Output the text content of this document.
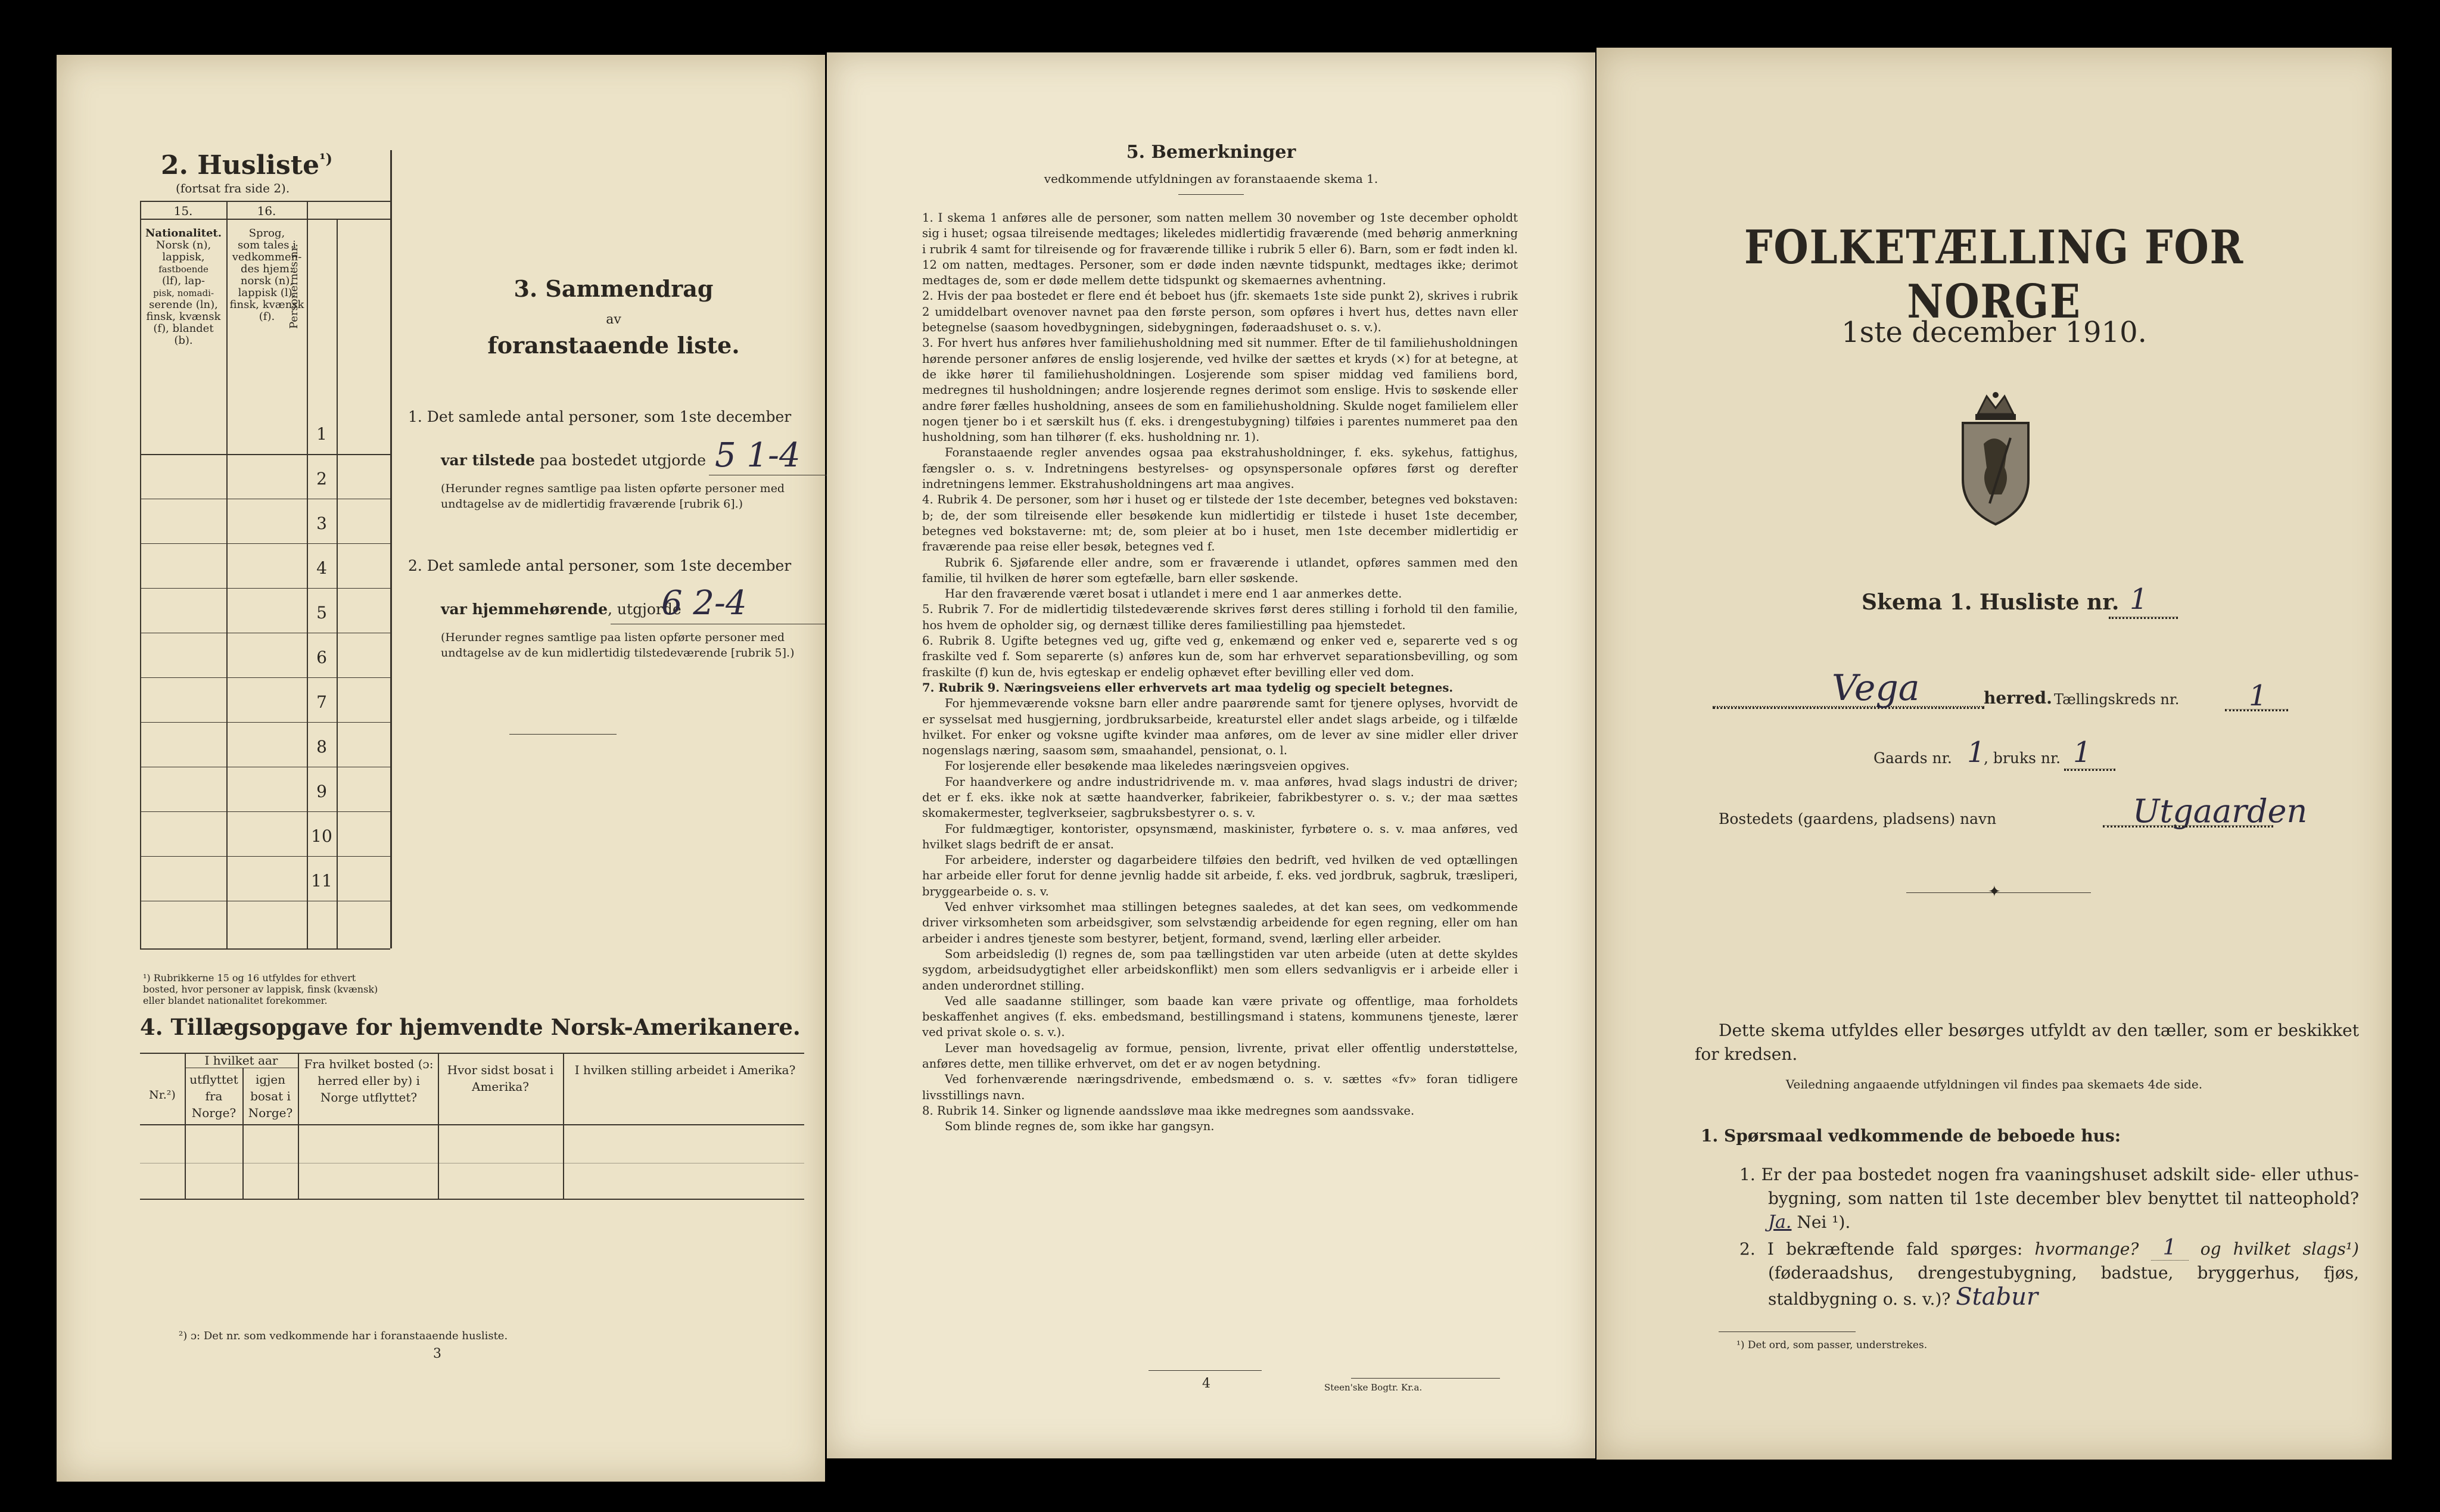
2. Husliste$^{^1)}$
(fortsat fra side 2).
15.	16.
Nationalitet.
Norsk (n),
lappisk,
fastboende
(lf), lap-
pisk, nomadi-
serende (ln),
finsk, kvænsk
(f), blandet
(b).
Sprog,
som tales i
vedkommen-
des hjem:
norsk (n),
lappisk (l),
finsk, kvænsk
(f).	Personernes nr.
1
2
3
4
5
6
7
8
9
10
11
¹) Rubrikkerne 15 og 16 utfyldes for ethvert bosted, hvor personer av lappisk, finsk (kvænsk) eller blandet nationalitet forekommer.
3. Sammendrag
av
foranstaaende liste.
1. Det samlede antal personer, som 1ste december
var tilstede paa bostedet utgjorde 5 1-4
(Herunder regnes samtlige paa listen opførte personer med undtagelse av de midlertidig fraværende [rubrik 6].)
2. Det samlede antal personer, som 1ste december
var hjemmehørende, utgjorde
6 2-4
(Herunder regnes samtlige paa listen opførte personer med undtagelse av de kun midlertidig tilstedeværende [rubrik 5].)
4. Tillægsopgave for hjemvendte Norsk-Amerikanere.
Nr.²)
I hvilket aar
utflyttet fra Norge?
igjen bosat i Norge?
Fra hvilket bosted (ɔ: herred eller by) i Norge utflyttet?
Hvor sidst bosat i Amerika?
I hvilken stilling arbeidet i Amerika?
²) ɔ: Det nr. som vedkommende har i foranstaaende husliste.
3
5. Bemerkninger
vedkommende utfyldningen av foranstaaende skema 1.

1. I skema 1 anføres alle de personer, som natten mellem 30 november og 1ste december opholdt sig i huset; ogsaa tilreisende medtages; likeledes midlertidig fraværende (med behørig anmerkning i rubrik 4 samt for tilreisende og for fraværende tillike i rubrik 5 eller 6). Barn, som er født inden kl. 12 om natten, medtages. Personer, som er døde inden nævnte tidspunkt, medtages ikke; derimot medtages de, som er døde mellem dette tidspunkt og skemaernes avhentning.

2. Hvis der paa bostedet er flere end ét beboet hus (jfr. skemaets 1ste side punkt 2), skrives i rubrik 2 umiddelbart ovenover navnet paa den første person, som opføres i hvert hus, dettes navn eller betegnelse (saasom hovedbygningen, sidebygningen, føderaadshuset o. s. v.).

3. For hvert hus anføres hver familiehusholdning med sit nummer. Efter de til familiehusholdningen hørende personer anføres de enslig losjerende, ved hvilke der sættes et kryds (×) for at betegne, at de ikke hører til familiehusholdningen. Losjerende som spiser middag ved familiens bord, medregnes til husholdningen; andre losjerende regnes derimot som enslige. Hvis to søskende eller andre fører fælles husholdning, ansees de som en familiehusholdning. Skulde noget familielem eller nogen tjener bo i et særskilt hus (f. eks. i drengestubygning) tilføies i parentes nummeret paa den husholdning, som han tilhører (f. eks. husholdning nr. 1).

Foranstaaende regler anvendes ogsaa paa ekstrahusholdninger, f. eks. sykehus, fattighus, fængsler o. s. v. Indretningens bestyrelses- og opsynspersonale opføres først og derefter indretningens lemmer. Ekstrahusholdningens art maa angives.

4. Rubrik 4. De personer, som hør i huset og er tilstede der 1ste december, betegnes ved bokstaven: b; de, der som tilreisende eller besøkende kun midlertidig er tilstede i huset 1ste december, betegnes ved bokstaverne: mt; de, som pleier at bo i huset, men 1ste december midlertidig er fraværende paa reise eller besøk, betegnes ved f.

Rubrik 6. Sjøfarende eller andre, som er fraværende i utlandet, opføres sammen med den familie, til hvilken de hører som egtefælle, barn eller søskende.

Har den fraværende været bosat i utlandet i mere end 1 aar anmerkes dette.

5. Rubrik 7. For de midlertidig tilstedeværende skrives først deres stilling i forhold til den familie, hos hvem de opholder sig, og dernæst tillike deres familiestilling paa hjemstedet.

6. Rubrik 8. Ugifte betegnes ved ug, gifte ved g, enkemænd og enker ved e, separerte ved s og fraskilte ved f. Som separerte (s) anføres kun de, som har erhvervet separationsbevilling, og som fraskilte (f) kun de, hvis egteskap er endelig ophævet efter bevilling eller ved dom.

7. Rubrik 9. Næringsveiens eller erhvervets art maa tydelig og specielt betegnes.

For hjemmeværende voksne barn eller andre paarørende samt for tjenere oplyses, hvorvidt de er sysselsat med husgjerning, jordbruksarbeide, kreaturstel eller andet slags arbeide, og i tilfælde hvilket. For enker og voksne ugifte kvinder maa anføres, om de lever av sine midler eller driver nogenslags næring, saasom søm, smaahandel, pensionat, o. l.

For losjerende eller besøkende maa likeledes næringsveien opgives.

For haandverkere og andre industridrivende m. v. maa anføres, hvad slags industri de driver; det er f. eks. ikke nok at sætte haandverker, fabrikeier, fabrikbestyrer o. s. v.; der maa sættes skomakermester, teglverkseier, sagbruksbestyrer o. s. v.

For fuldmægtiger, kontorister, opsynsmænd, maskinister, fyrbøtere o. s. v. maa anføres, ved hvilket slags bedrift de er ansat.

For arbeidere, inderster og dagarbeidere tilføies den bedrift, ved hvilken de ved optællingen har arbeide eller forut for denne jevnlig hadde sit arbeide, f. eks. ved jordbruk, sagbruk, træsliperi, bryggearbeide o. s. v.

Ved enhver virksomhet maa stillingen betegnes saaledes, at det kan sees, om vedkommende driver virksomheten som arbeidsgiver, som selvstændig arbeidende for egen regning, eller om han arbeider i andres tjeneste som bestyrer, betjent, formand, svend, lærling eller arbeider.

Som arbeidsledig (l) regnes de, som paa tællingstiden var uten arbeide (uten at dette skyldes sygdom, arbeidsudygtighet eller arbeidskonflikt) men som ellers sedvanligvis er i arbeide eller i anden underordnet stilling.

Ved alle saadanne stillinger, som baade kan være private og offentlige, maa forholdets beskaffenhet angives (f. eks. embedsmand, bestillingsmand i statens, kommunens tjeneste, lærer ved privat skole o. s. v.).

Lever man hovedsagelig av formue, pension, livrente, privat eller offentlig understøttelse, anføres dette, men tillike erhvervet, om det er av nogen betydning.

Ved forhenværende næringsdrivende, embedsmænd o. s. v. sættes «fv» foran tidligere livsstillings navn.

8. Rubrik 14. Sinker og lignende aandssløve maa ikke medregnes som aandssvake.

Som blinde regnes de, som ikke har gangsyn.

4	Steen'ske Bogtr. Kr.a.
FOLKETÆLLING FOR NORGE
1ste december 1910.
Skema 1. Husliste nr. 1
Vega	herred. Tællingskreds nr. 1
Gaards nr. 1
, bruks nr. 1
Bostedets (gaardens, pladsens) navn	Utgaarden
✦
Dette skema utfyldes eller besørges utfyldt av den tæller, som er beskikket for kredsen.
Veiledning angaaende utfyldningen vil findes paa skemaets 4de side.
1. Spørsmaal vedkommende de beboede hus:
1. Er der paa bostedet nogen fra vaaningshuset adskilt side- eller uthus-bygning, som natten til 1ste december blev benyttet til natteophold? Ja. Nei ¹).
2. I bekræftende fald spørges: hvormange? 1 og hvilket slags¹) (føderaadshus, drengestubygning, badstue, bryggerhus, fjøs, staldbygning o. s. v.)? Stabur
¹) Det ord, som passer, understrekes.
